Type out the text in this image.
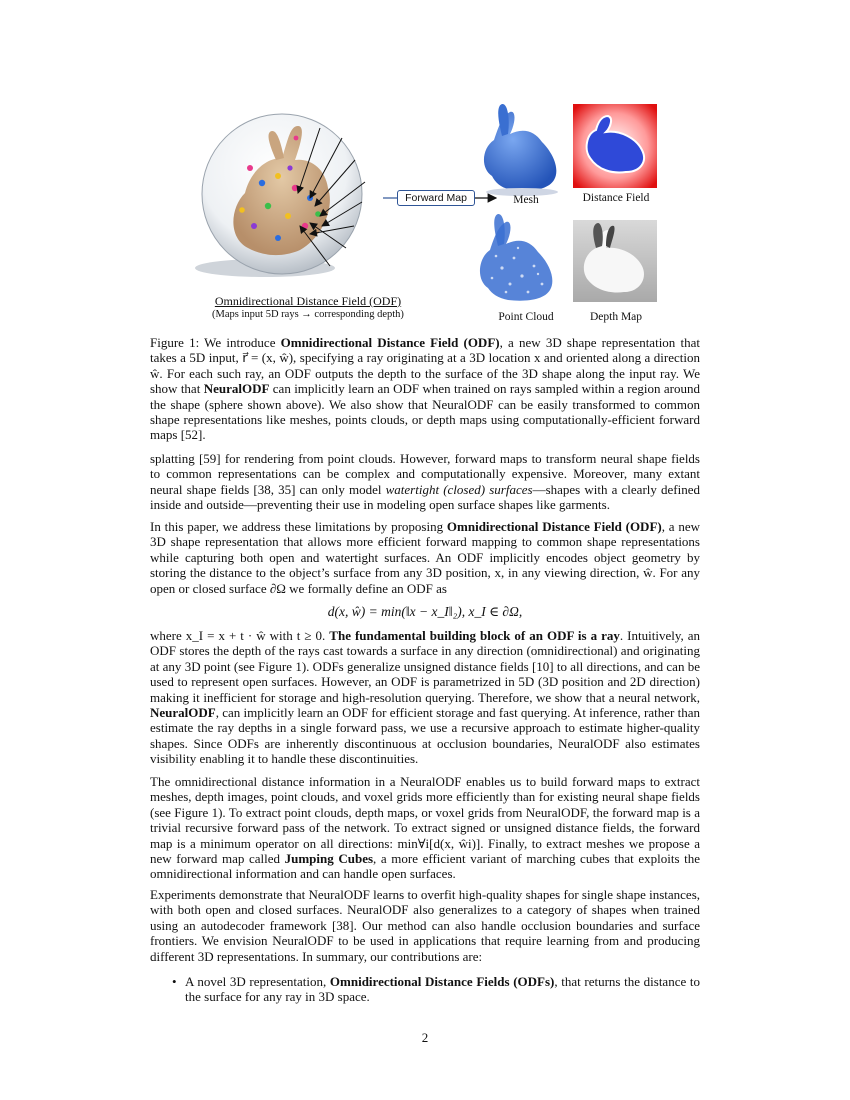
Forward Map	Mesh	Distance Field
Point Cloud	Depth Map
Omnidirectional Distance Field (ODF)
(Maps input 5D rays → corresponding depth)

Figure 1: We introduce Omnidirectional Distance Field (ODF), a new 3D shape representation that takes a 5D input, r⃗ = (x, ŵ), specifying a ray originating at a 3D location x and oriented along a direction ŵ. For each such ray, an ODF outputs the depth to the surface of the 3D shape along the input ray. We show that NeuralODF can implicitly learn an ODF when trained on rays sampled within a region around the shape (sphere shown above). We also show that NeuralODF can be easily transformed to common shape representations like meshes, points clouds, or depth maps using computationally-efficient forward maps [52].

splatting [59] for rendering from point clouds. However, forward maps to transform neural shape fields to common representations can be complex and computationally expensive. Moreover, many extant neural shape fields [38, 35] can only model watertight (closed) surfaces—shapes with a clearly defined inside and outside—preventing their use in modeling open surface shapes like garments.

In this paper, we address these limitations by proposing Omnidirectional Distance Field (ODF), a new 3D shape representation that allows more efficient forward mapping to common shape representations while capturing both open and watertight surfaces. An ODF implicitly encodes object geometry by storing the distance to the object’s surface from any 3D position, x, in any viewing direction, ŵ. For any open or closed surface ∂Ω we formally define an ODF as

d(x, ŵ) = min(‖x − x_I‖₂), x_I ∈ ∂Ω,

where x_I = x + t · ŵ with t ≥ 0. The fundamental building block of an ODF is a ray. Intuitively, an ODF stores the depth of the rays cast towards a surface in any direction (omnidirectional) and originating at any 3D point (see Figure 1). ODFs generalize unsigned distance fields [10] to all directions, and can be used to represent open surfaces. However, an ODF is parametrized in 5D (3D position and 2D direction) making it inefficient for storage and high-resolution querying. Therefore, we show that a neural network, NeuralODF, can implicitly learn an ODF for efficient storage and fast querying. At inference, rather than estimate the ray depths in a single forward pass, we use a recursive approach to estimate higher-quality shapes. Since ODFs are inherently discontinuous at occlusion boundaries, NeuralODF also estimates visibility enabling it to handle these discontinuities.

The omnidirectional distance information in a NeuralODF enables us to build forward maps to extract meshes, depth images, point clouds, and voxel grids more efficiently than for existing neural shape fields (see Figure 1). To extract point clouds, depth maps, or voxel grids from NeuralODF, the forward map is a trivial recursive forward pass of the network. To extract signed or unsigned distance fields, the forward map is a minimum operator on all directions: min∀i[d(x, ŵi)]. Finally, to extract meshes we propose a new forward map called Jumping Cubes, a more efficient variant of marching cubes that exploits the omnidirectional information and can handle open surfaces.

Experiments demonstrate that NeuralODF learns to overfit high-quality shapes for single shape instances, with both open and closed surfaces. NeuralODF also generalizes to a category of shapes when trained using an autodecoder framework [38]. Our method can also handle occlusion boundaries and surface frontiers. We envision NeuralODF to be used in applications that require learning from and producing different 3D representations. In summary, our contributions are:

• A novel 3D representation, Omnidirectional Distance Fields (ODFs), that returns the distance to the surface for any ray in 3D space.
2
